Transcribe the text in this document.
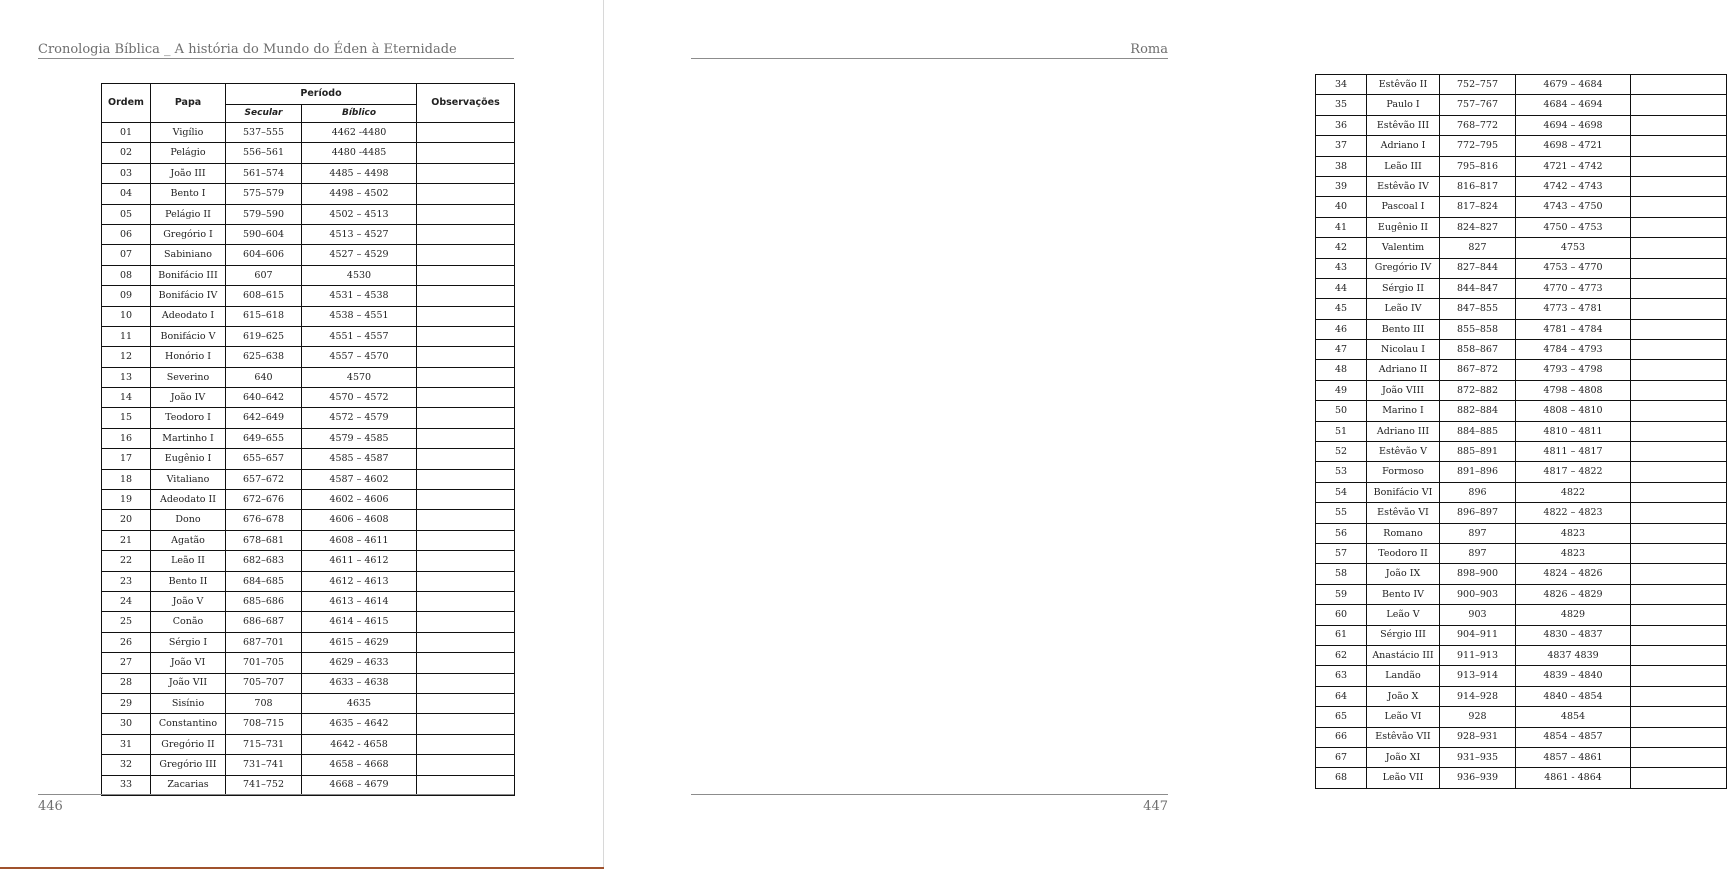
Cronologia Bíblica _ A história do Mundo do Éden à Eternidade
Ordem	Papa	Período		Observações
		Secular	Bíblico	
01	Vigílio	537–555	4462 -4480	
02	Pelágio	556–561	4480 -4485	
03	João III	561–574	4485 – 4498	
04	Bento I	575–579	4498 – 4502	
05	Pelágio II	579–590	4502 – 4513	
06	Gregório I	590–604	4513 – 4527	
07	Sabiniano	604–606	4527 – 4529	
08	Bonifácio III	607	4530	
09	Bonifácio IV	608–615	4531 – 4538	
10	Adeodato I	615–618	4538 – 4551	
11	Bonifácio V	619–625	4551 – 4557	
12	Honório I	625–638	4557 – 4570	
13	Severino	640	4570	
14	João IV	640–642	4570 – 4572	
15	Teodoro I	642–649	4572 – 4579	
16	Martinho I	649–655	4579 – 4585	
17	Eugênio I	655–657	4585 – 4587	
18	Vitaliano	657–672	4587 – 4602	
19	Adeodato II	672–676	4602 – 4606	
20	Dono	676–678	4606 – 4608	
21	Agatão	678–681	4608 – 4611	
22	Leão II	682–683	4611 – 4612	
23	Bento II	684–685	4612 – 4613	
24	João V	685–686	4613 – 4614	
25	Conão	686–687	4614 – 4615	
26	Sérgio I	687–701	4615 – 4629	
27	João VI	701–705	4629 – 4633	
28	João VII	705–707	4633 – 4638	
29	Sisínio	708	4635	
30	Constantino	708–715	4635 – 4642	
31	Gregório II	715–731	4642 - 4658	
32	Gregório III	731–741	4658 – 4668	
33	Zacarias	741–752	4668 – 4679	
446
Roma
34	Estêvão II	752–757	4679 – 4684	
35	Paulo I	757–767	4684 – 4694	
36	Estêvão III	768–772	4694 – 4698	
37	Adriano I	772–795	4698 – 4721	
38	Leão III	795–816	4721 – 4742	
39	Estêvão IV	816–817	4742 – 4743	
40	Pascoal I	817–824	4743 – 4750	
41	Eugênio II	824–827	4750 – 4753	
42	Valentim	827	4753	
43	Gregório IV	827–844	4753 – 4770	
44	Sérgio II	844–847	4770 – 4773	
45	Leão IV	847–855	4773 – 4781	
46	Bento III	855–858	4781 – 4784	
47	Nicolau I	858–867	4784 – 4793	
48	Adriano II	867–872	4793 – 4798	
49	João VIII	872–882	4798 – 4808	
50	Marino I	882–884	4808 – 4810	
51	Adriano III	884–885	4810 – 4811	
52	Estêvão V	885–891	4811 – 4817	
53	Formoso	891–896	4817 – 4822	
54	Bonifácio VI	896	4822	
55	Estêvão VI	896–897	4822 – 4823	
56	Romano	897	4823	
57	Teodoro II	897	4823	
58	João IX	898–900	4824 – 4826	
59	Bento IV	900–903	4826 – 4829	
60	Leão V	903	4829	
61	Sérgio III	904–911	4830 – 4837	
62	Anastácio III	911–913	4837 4839	
63	Landão	913–914	4839 – 4840	
64	João X	914–928	4840 – 4854	
65	Leão VI	928	4854	
66	Estêvão VII	928–931	4854 – 4857	
67	João XI	931–935	4857 – 4861	
68	Leão VII	936–939	4861 - 4864	
447
